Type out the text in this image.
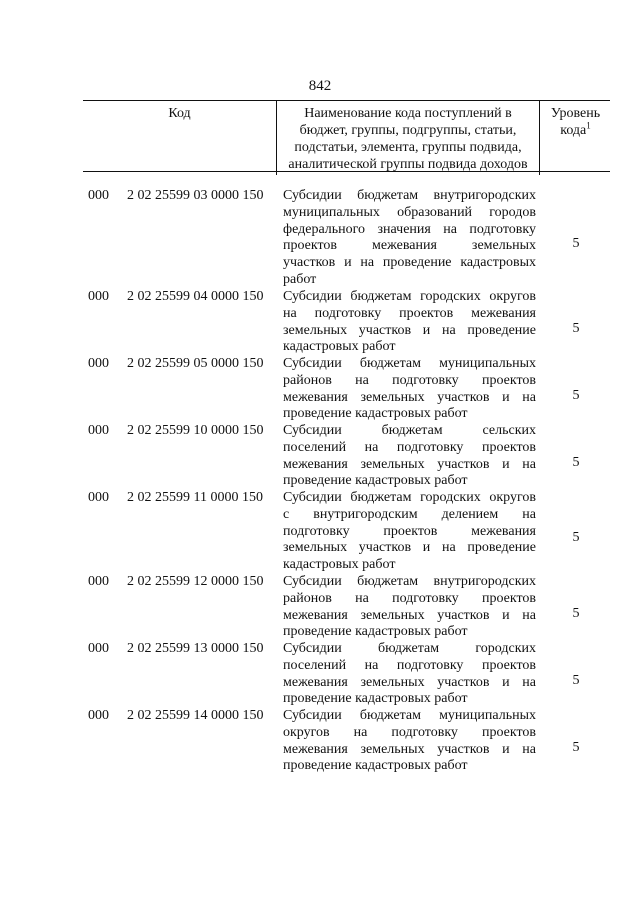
842
Код	Наименование кода поступлений в
бюджет, группы, подгруппы, статьи,
подстатьи, элемента, группы подвида,
аналитической группы подвида доходов
Уровень
кода$^1$
000 2 02 25599 03 0000 150 Субсидии бюджетам внутригородских
муниципальных образований городов
федерального значения на подготовку
проектов межевания земельных
участков и на проведение кадастровых
работ
5
000 2 02 25599 04 0000 150 Субсидии бюджетам городских округов
на подготовку проектов межевания
земельных участков и на проведение
кадастровых работ
5
000 2 02 25599 05 0000 150 Субсидии бюджетам муниципальных
районов на подготовку проектов
межевания земельных участков и на
проведение кадастровых работ
5
000 2 02 25599 10 0000 150 Субсидии бюджетам сельских
поселений на подготовку проектов
межевания земельных участков и на
проведение кадастровых работ
5
000 2 02 25599 11 0000 150 Субсидии бюджетам городских округов
с внутригородским делением на
подготовку проектов межевания
земельных участков и на проведение
кадастровых работ
5
000 2 02 25599 12 0000 150 Субсидии бюджетам внутригородских
районов на подготовку проектов
межевания земельных участков и на
проведение кадастровых работ
5
000 2 02 25599 13 0000 150 Субсидии бюджетам городских
поселений на подготовку проектов
межевания земельных участков и на
проведение кадастровых работ
5
000 2 02 25599 14 0000 150 Субсидии бюджетам муниципальных
округов на подготовку проектов
межевания земельных участков и на
проведение кадастровых работ
5
